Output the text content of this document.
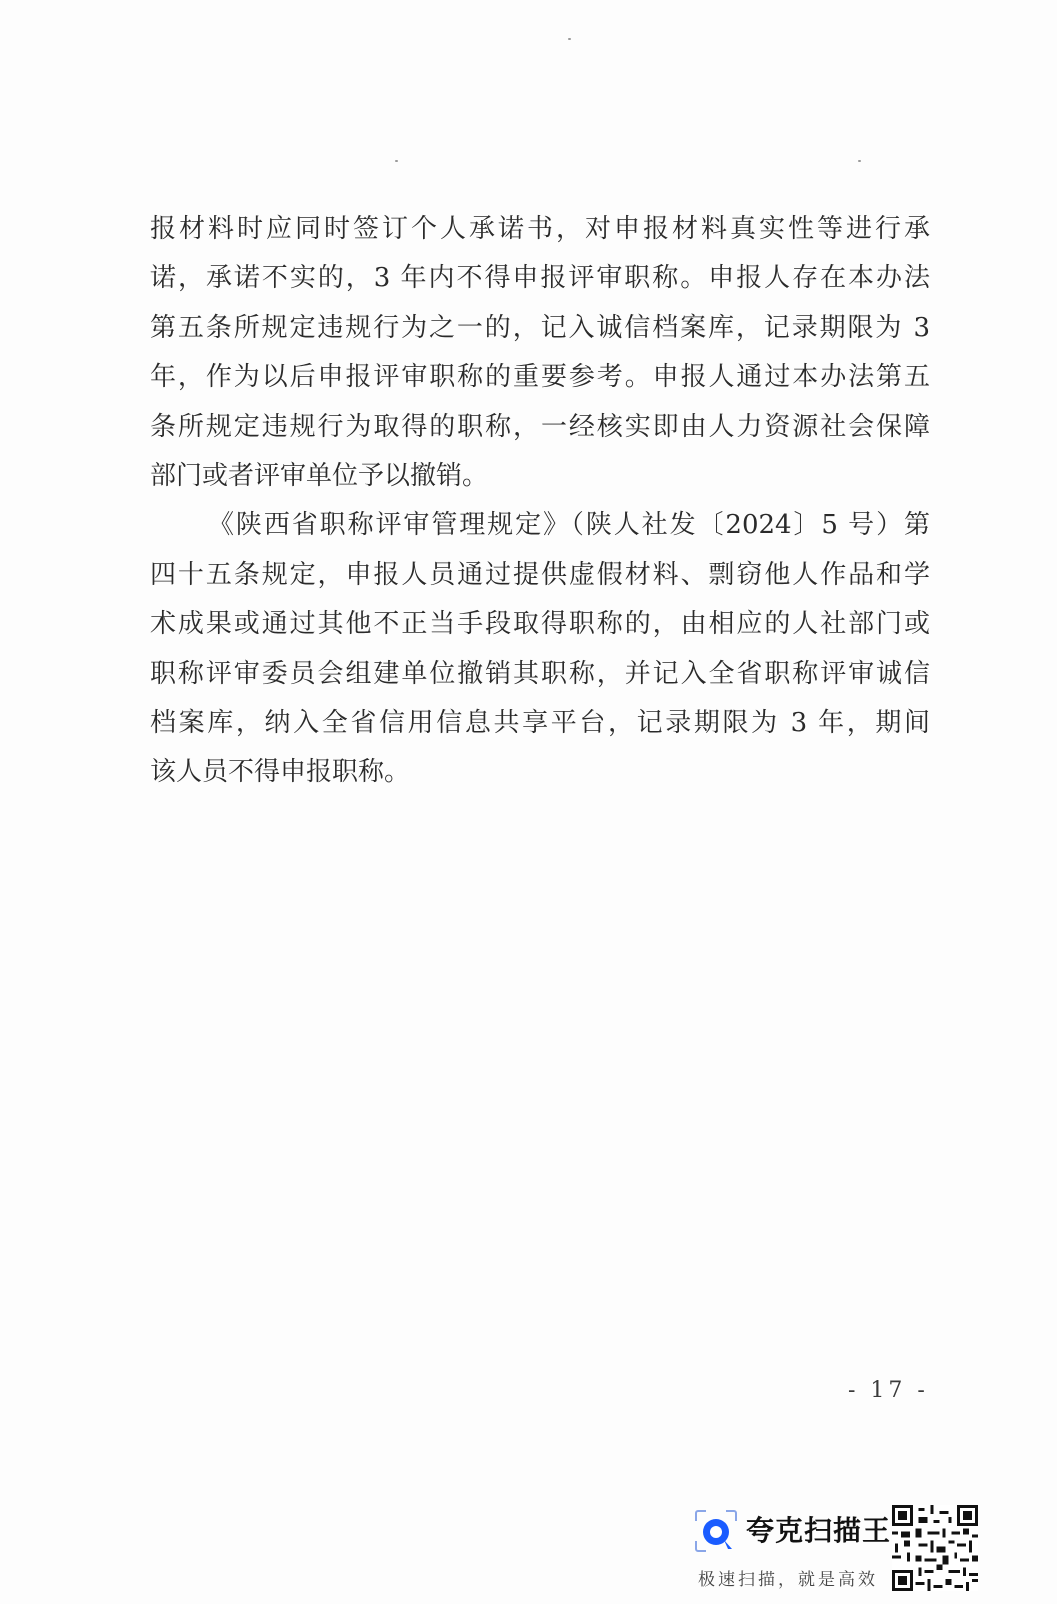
报材料时应同时签订个人承诺书，对申报材料真实性等进行承
诺，承诺不实的，3 年内不得申报评审职称。申报人存在本办法
第五条所规定违规行为之一的，记入诚信档案库，记录期限为 3
年，作为以后申报评审职称的重要参考。申报人通过本办法第五
条所规定违规行为取得的职称，一经核实即由人力资源社会保障
部门或者评审单位予以撤销。
《陕西省职称评审管理规定》（陕人社发〔2024〕5 号）第
四十五条规定，申报人员通过提供虚假材料、剽窃他人作品和学
术成果或通过其他不正当手段取得职称的，由相应的人社部门或
职称评审委员会组建单位撤销其职称，并记入全省职称评审诚信
档案库，纳入全省信用信息共享平台，记录期限为 3 年，期间
该人员不得申报职称。
- 17 -
夸克扫描王
极速扫描，就是高效
